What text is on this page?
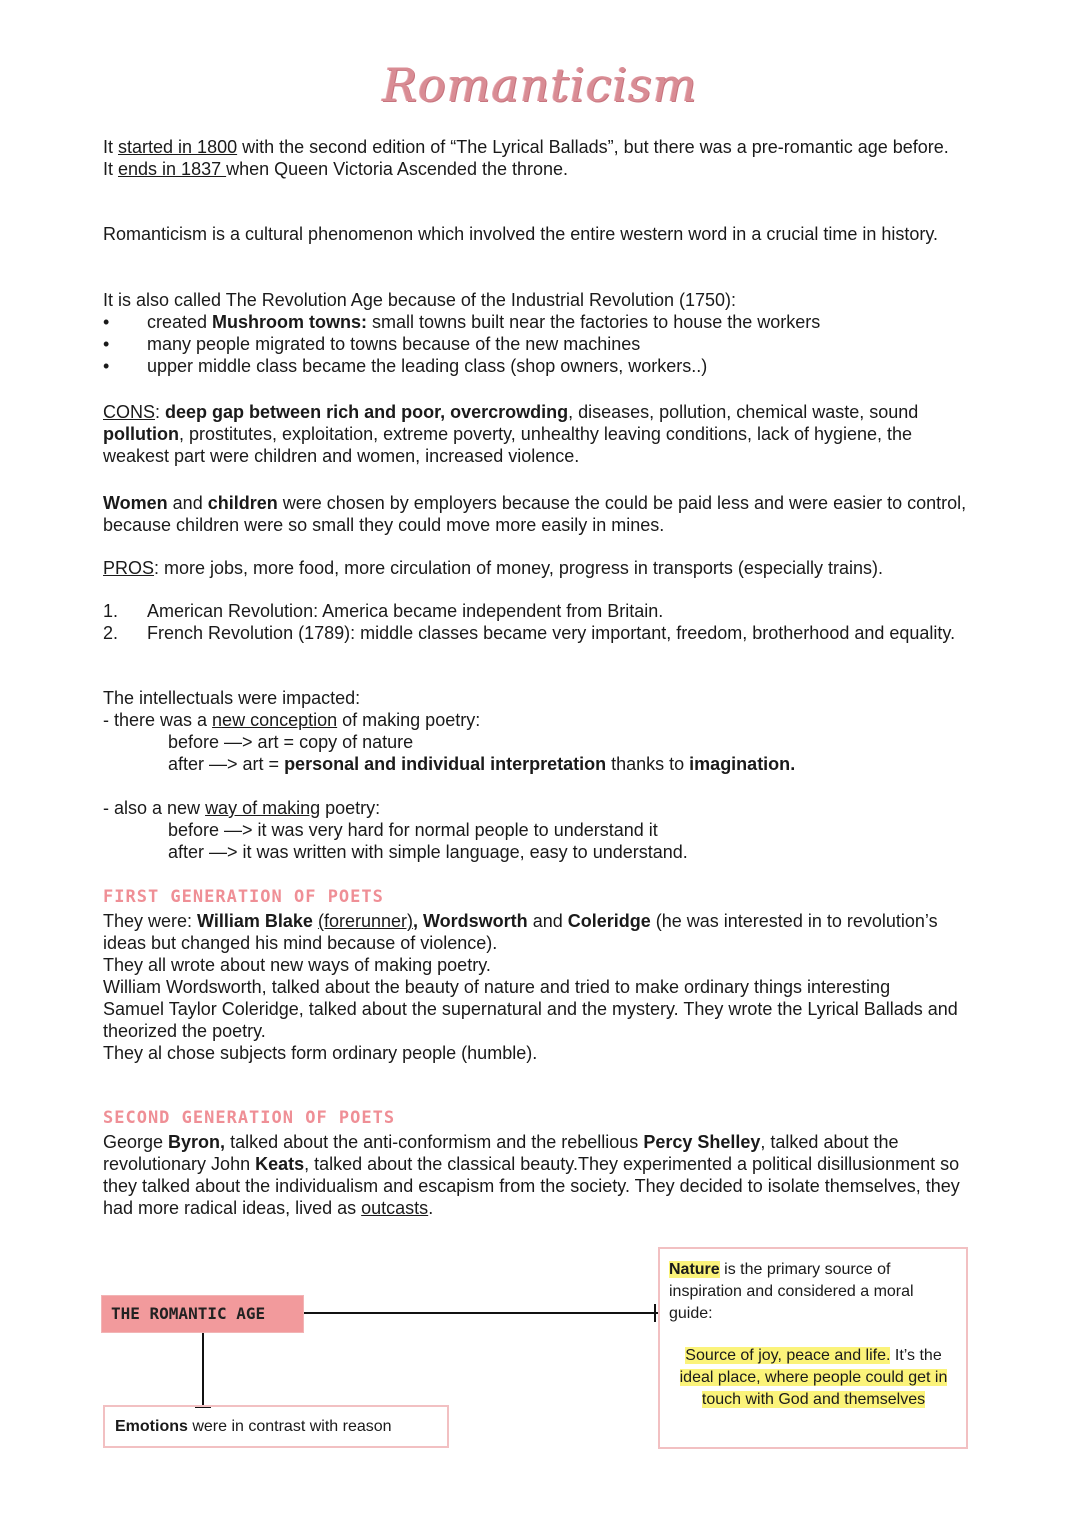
Romanticism
It started in 1800 with the second edition of “The Lyrical Ballads”, but there was a pre-romantic age before.
It ends in 1837 when Queen Victoria Ascended the throne.
Romanticism is a cultural phenomenon which involved the entire western word in a crucial time in history.
It is also called The Revolution Age because of the Industrial Revolution (1750):
• created Mushroom towns: small towns built near the factories to house the workers
• many people migrated to towns because of the new machines
• upper middle class became the leading class (shop owners, workers..)
CONS: deep gap between rich and poor, overcrowding, diseases, pollution, chemical waste, sound pollution, prostitutes, exploitation, extreme poverty, unhealthy leaving conditions, lack of hygiene, the weakest part were children and women, increased violence.
Women and children were chosen by employers because the could be paid less and were easier to control, because children were so small they could move more easily in mines.
PROS: more jobs, more food, more circulation of money, progress in transports (especially trains).
1. American Revolution: America became independent from Britain.
2. French Revolution (1789): middle classes became very important, freedom, brotherhood and equality.
The intellectuals were impacted:
- there was a new conception of making poetry:
before —> art = copy of nature
after —> art = personal and individual interpretation thanks to imagination.
- also a new way of making poetry:
before —> it was very hard for normal people to understand it
after —> it was written with simple language, easy to understand.
FIRST GENERATION OF POETS
They were: William Blake (forerunner), Wordsworth and Coleridge (he was interested in to revolution’s ideas but changed his mind because of violence).
They all wrote about new ways of making poetry.
William Wordsworth, talked about the beauty of nature and tried to make ordinary things interesting
Samuel Taylor Coleridge, talked about the supernatural and the mystery. They wrote the Lyrical Ballads and theorized the poetry.
They al chose subjects form ordinary people (humble).
SECOND GENERATION OF POETS
George Byron, talked about the anti-conformism and the rebellious Percy Shelley, talked about the revolutionary John Keats, talked about the classical beauty.They experimented a political disillusionment so they talked about the individualism and escapism from the society. They decided to isolate themselves, they had more radical ideas, lived as outcasts.
THE ROMANTIC AGE
Emotions were in contrast with reason
Nature is the primary source of inspiration and considered a moral guide:
Source of joy, peace and life. It’s the ideal place, where people could get in touch with God and themselves
